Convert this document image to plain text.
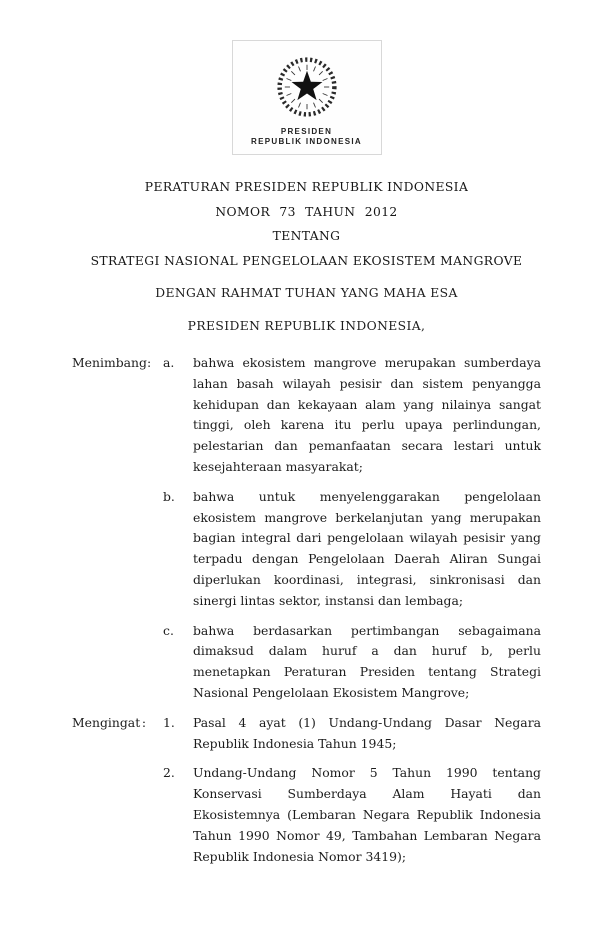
PRESIDEN
REPUBLIK INDONESIA
PERATURAN PRESIDEN REPUBLIK INDONESIA
NOMOR 73 TAHUN 2012
TENTANG
STRATEGI NASIONAL PENGELOLAAN EKOSISTEM MANGROVE
DENGAN RAHMAT TUHAN YANG MAHA ESA
PRESIDEN REPUBLIK INDONESIA,
Menimbang : a.	bahwa ekosistem mangrove merupakan sumberdaya lahan basah wilayah pesisir dan sistem penyangga kehidupan dan kekayaan alam yang nilainya sangat tinggi, oleh karena itu perlu upaya perlindungan, pelestarian dan pemanfaatan secara lestari untuk kesejahteraan masyarakat;
b.	bahwa untuk menyelenggarakan pengelolaan ekosistem mangrove berkelanjutan yang merupakan bagian integral dari pengelolaan wilayah pesisir yang terpadu dengan Pengelolaan Daerah Aliran Sungai diperlukan koordinasi, integrasi, sinkronisasi dan sinergi lintas sektor, instansi dan lembaga;
c.	bahwa berdasarkan pertimbangan sebagaimana dimaksud dalam huruf a dan huruf b, perlu menetapkan Peraturan Presiden tentang Strategi Nasional Pengelolaan Ekosistem Mangrove;
Mengingat : 1.	Pasal 4 ayat (1) Undang-Undang Dasar Negara Republik Indonesia Tahun 1945;
2.	Undang-Undang Nomor 5 Tahun 1990 tentang Konservasi Sumberdaya Alam Hayati dan Ekosistemnya (Lembaran Negara Republik Indonesia Tahun 1990 Nomor 49, Tambahan Lembaran Negara Republik Indonesia Nomor 3419);
